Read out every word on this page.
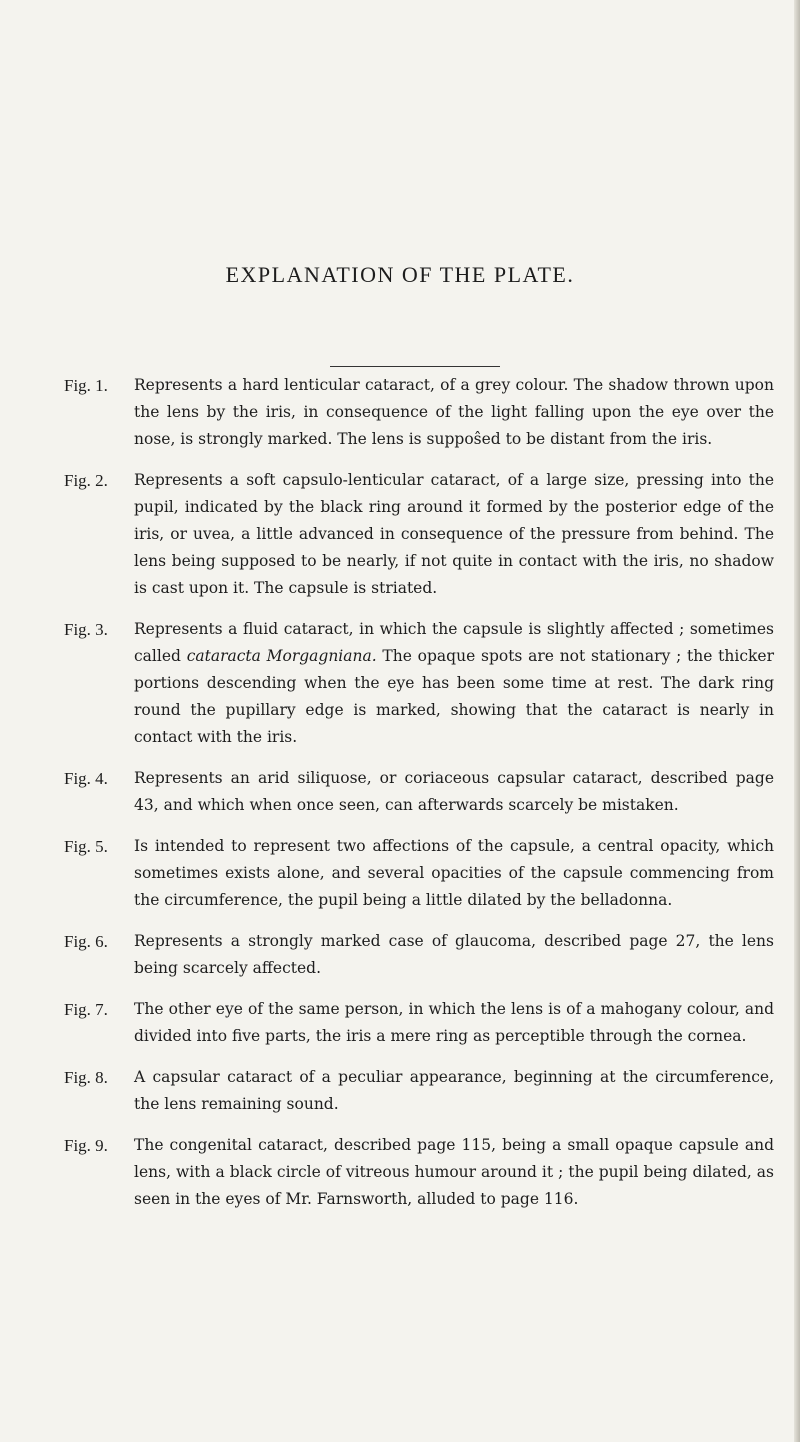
EXPLANATION OF THE PLATE.
Fig. 1.	Represents a hard lenticular cataract, of a grey colour. The shadow thrown upon the lens by the iris, in consequence of the light falling upon the eye over the nose, is strongly marked. The lens is suppoŝed to be distant from the iris.

Fig. 2.	Represents a soft capsulo-lenticular cataract, of a large size, pressing into the pupil, indicated by the black ring around it formed by the posterior edge of the iris, or uvea, a little advanced in consequence of the pressure from behind. The lens being supposed to be nearly, if not quite in contact with the iris, no shadow is cast upon it. The capsule is striated.

Fig. 3.	Represents a fluid cataract, in which the capsule is slightly affected ; sometimes called cataracta Morgagniana. The opaque spots are not stationary ; the thicker portions descending when the eye has been some time at rest. The dark ring round the pupillary edge is marked, showing that the cataract is nearly in contact with the iris.

Fig. 4.	Represents an arid siliquose, or coriaceous capsular cataract, described page 43, and which when once seen, can afterwards scarcely be mistaken.

Fig. 5.	Is intended to represent two affections of the capsule, a central opacity, which sometimes exists alone, and several opacities of the capsule commencing from the circumference, the pupil being a little dilated by the belladonna.

Fig. 6.	Represents a strongly marked case of glaucoma, described page 27, the lens being scarcely affected.

Fig. 7.	The other eye of the same person, in which the lens is of a mahogany colour, and divided into five parts, the iris a mere ring as perceptible through the cornea.

Fig. 8.	A capsular cataract of a peculiar appearance, beginning at the circumference, the lens remaining sound.

Fig. 9.	The congenital cataract, described page 115, being a small opaque capsule and lens, with a black circle of vitreous humour around it ; the pupil being dilated, as seen in the eyes of Mr. Farnsworth, alluded to page 116.
